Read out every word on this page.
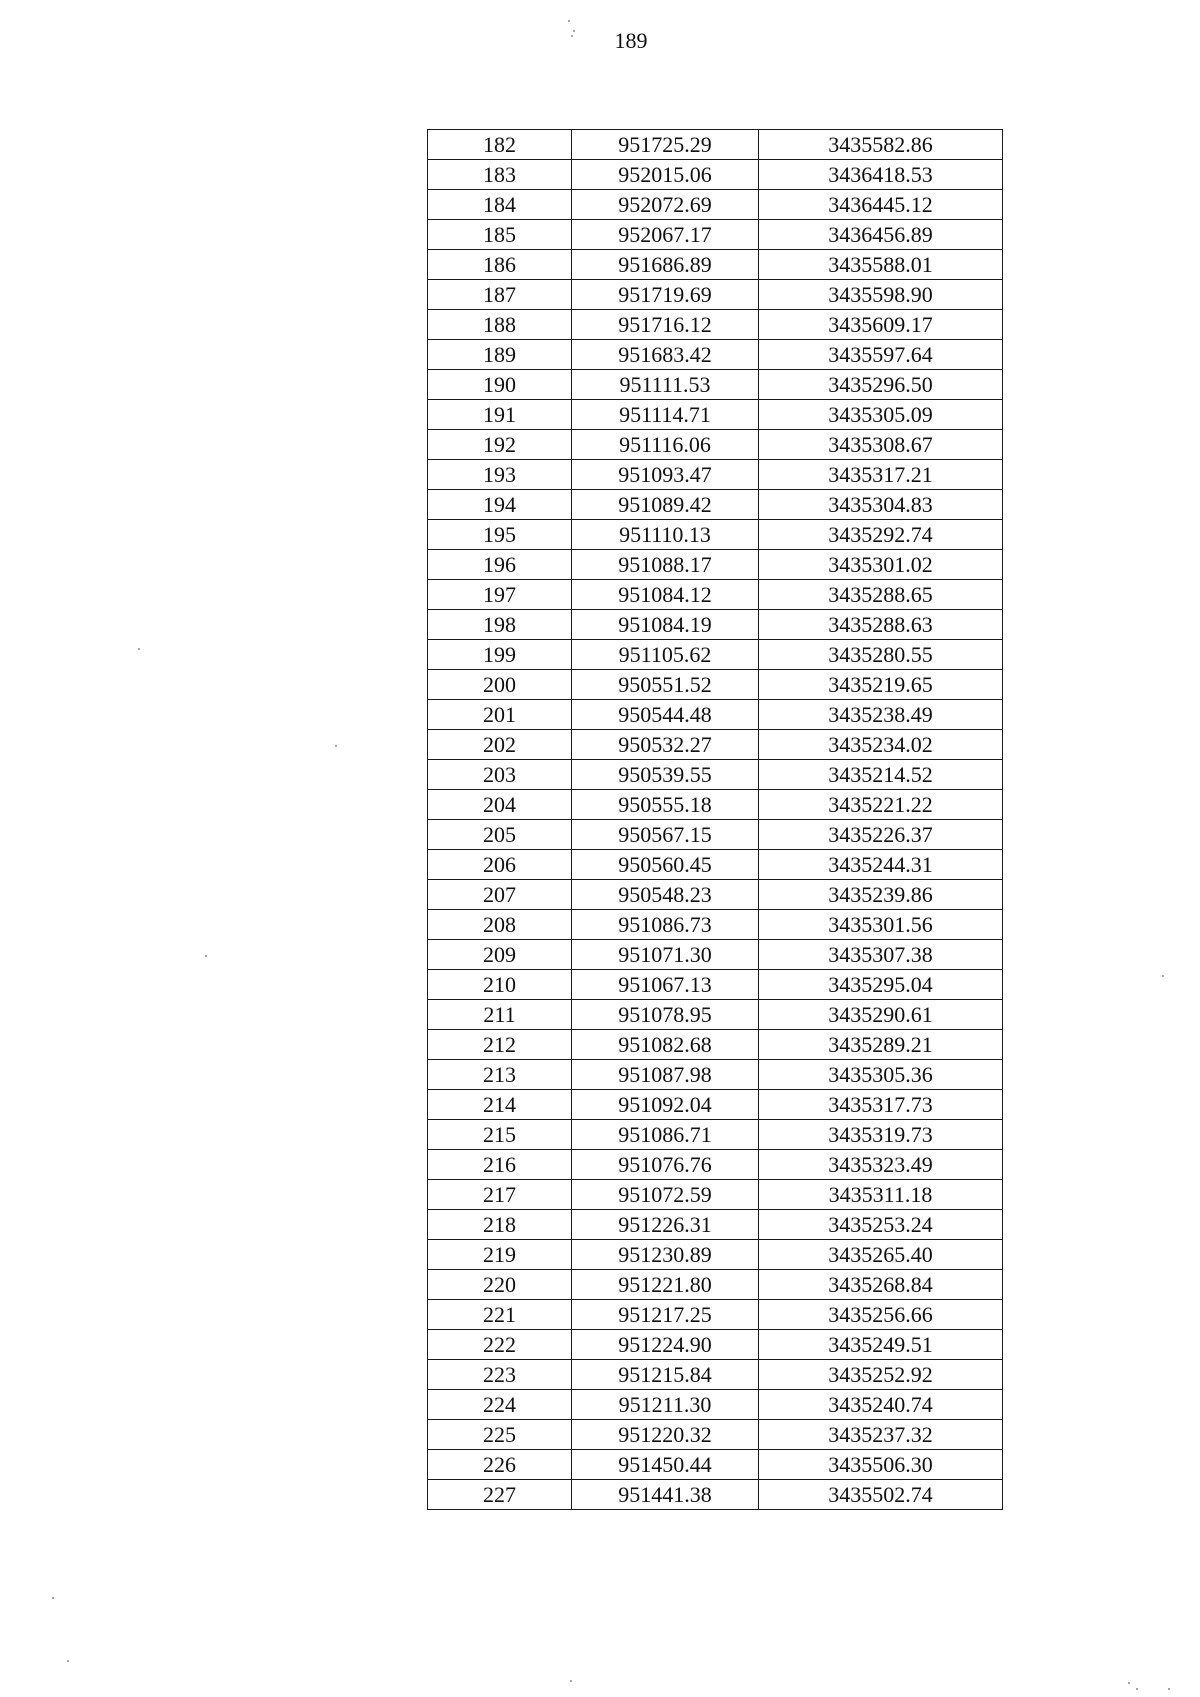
189
182	951725.29	3435582.86
183	952015.06	3436418.53
184	952072.69	3436445.12
185	952067.17	3436456.89
186	951686.89	3435588.01
187	951719.69	3435598.90
188	951716.12	3435609.17
189	951683.42	3435597.64
190	951111.53	3435296.50
191	951114.71	3435305.09
192	951116.06	3435308.67
193	951093.47	3435317.21
194	951089.42	3435304.83
195	951110.13	3435292.74
196	951088.17	3435301.02
197	951084.12	3435288.65
198	951084.19	3435288.63
199	951105.62	3435280.55
200	950551.52	3435219.65
201	950544.48	3435238.49
202	950532.27	3435234.02
203	950539.55	3435214.52
204	950555.18	3435221.22
205	950567.15	3435226.37
206	950560.45	3435244.31
207	950548.23	3435239.86
208	951086.73	3435301.56
209	951071.30	3435307.38
210	951067.13	3435295.04
211	951078.95	3435290.61
212	951082.68	3435289.21
213	951087.98	3435305.36
214	951092.04	3435317.73
215	951086.71	3435319.73
216	951076.76	3435323.49
217	951072.59	3435311.18
218	951226.31	3435253.24
219	951230.89	3435265.40
220	951221.80	3435268.84
221	951217.25	3435256.66
222	951224.90	3435249.51
223	951215.84	3435252.92
224	951211.30	3435240.74
225	951220.32	3435237.32
226	951450.44	3435506.30
227	951441.38	3435502.74
